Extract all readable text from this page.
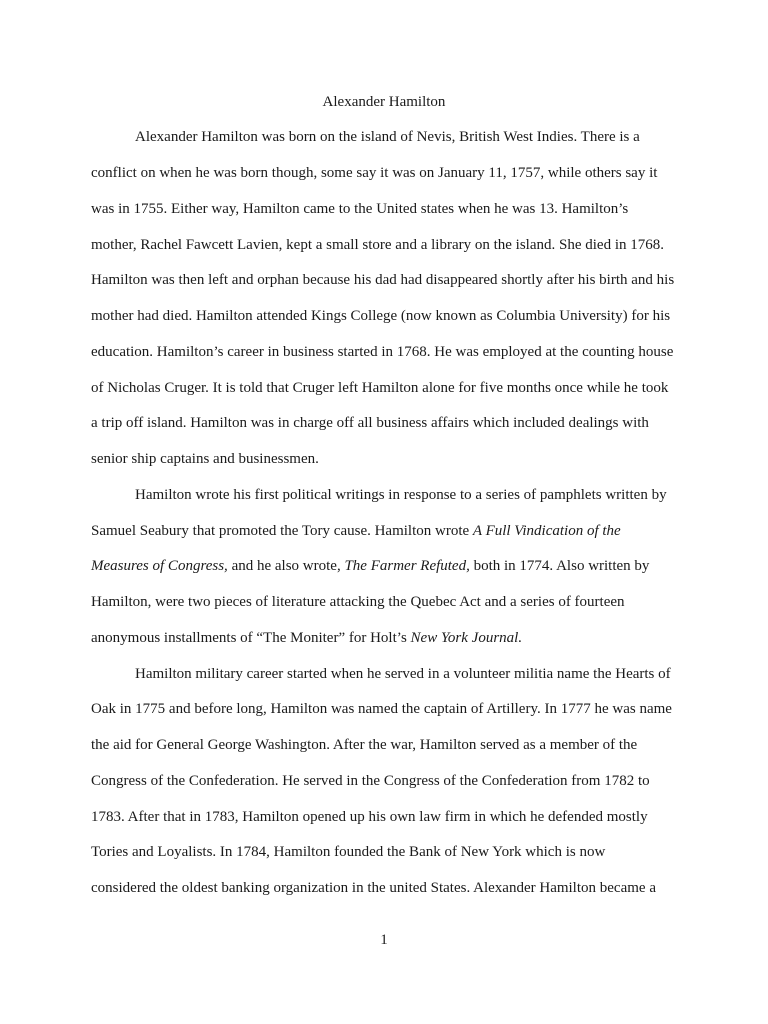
Alexander Hamilton
Alexander Hamilton was born on the island of Nevis, British West Indies. There is a
conflict on when he was born though, some say it was on January 11, 1757, while others say it
was in 1755. Either way, Hamilton came to the United states when he was 13. Hamilton’s
mother, Rachel Fawcett Lavien, kept a small store and a library on the island. She died in 1768.
Hamilton was then left and orphan because his dad had disappeared shortly after his birth and his
mother had died. Hamilton attended Kings College (now known as Columbia University) for his
education. Hamilton’s career in business started in 1768. He was employed at the counting house
of Nicholas Cruger. It is told that Cruger left Hamilton alone for five months once while he took
a trip off island. Hamilton was in charge off all business affairs which included dealings with
senior ship captains and businessmen.
Hamilton wrote his first political writings in response to a series of pamphlets written by
Samuel Seabury that promoted the Tory cause. Hamilton wrote A Full Vindication of the
Measures of Congress, and he also wrote, The Farmer Refuted, both in 1774. Also written by
Hamilton, were two pieces of literature attacking the Quebec Act and a series of fourteen
anonymous installments of “The Moniter” for Holt’s New York Journal.
Hamilton military career started when he served in a volunteer militia name the Hearts of
Oak in 1775 and before long, Hamilton was named the captain of Artillery. In 1777 he was name
the aid for General George Washington. After the war, Hamilton served as a member of the
Congress of the Confederation. He served in the Congress of the Confederation from 1782 to
1783. After that in 1783, Hamilton opened up his own law firm in which he defended mostly
Tories and Loyalists. In 1784, Hamilton founded the Bank of New York which is now
considered the oldest banking organization in the united States. Alexander Hamilton became a
1
